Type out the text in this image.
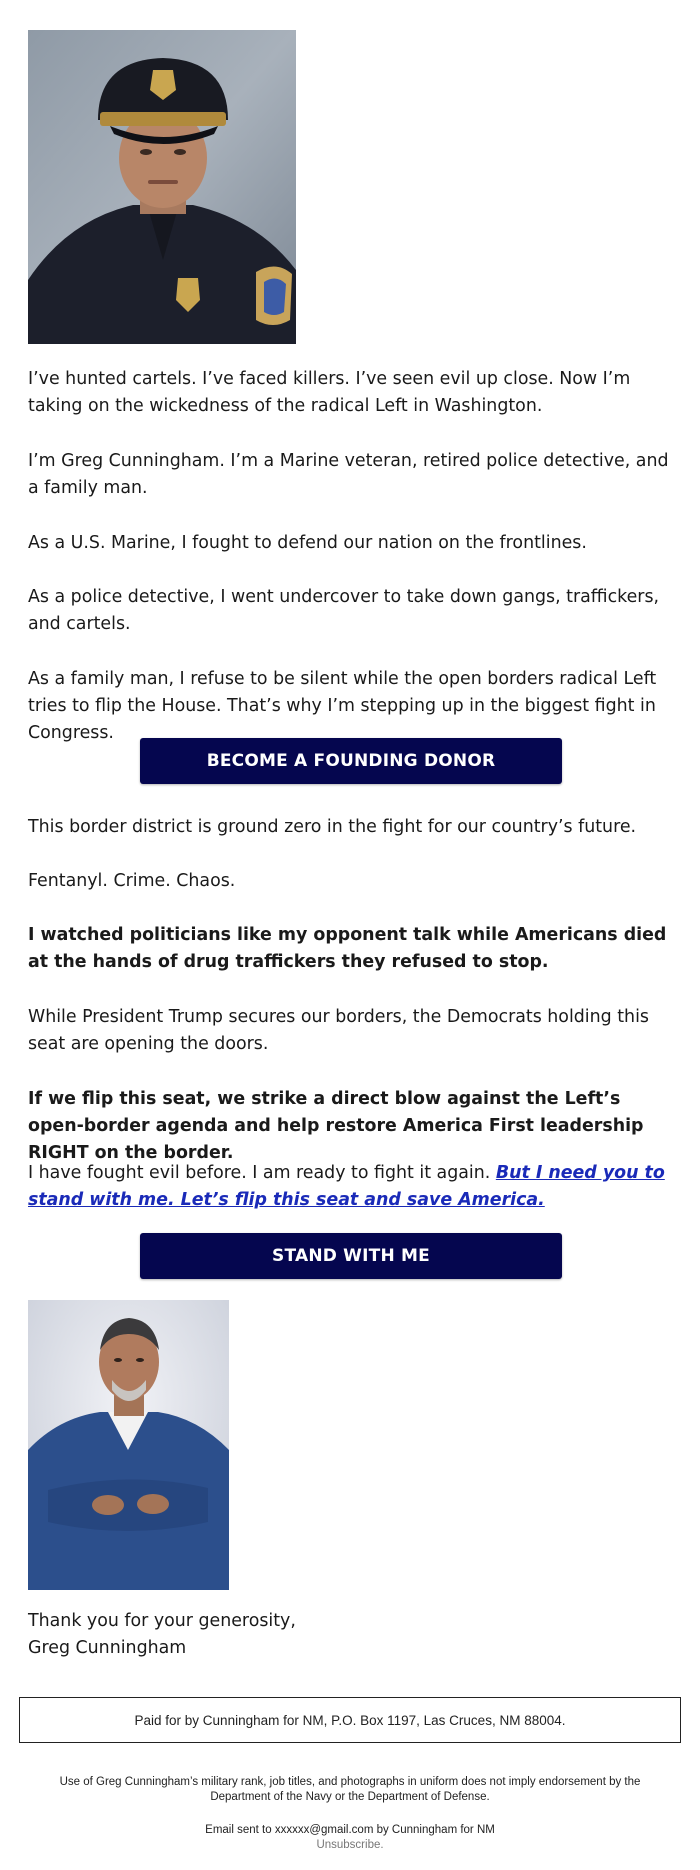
I’ve hunted cartels. I’ve faced killers. I’ve seen evil up close. Now I’m taking on the wickedness of the radical Left in Washington.

I’m Greg Cunningham. I’m a Marine veteran, retired police detective, and a family man.

As a U.S. Marine, I fought to defend our nation on the frontlines.

As a police detective, I went undercover to take down gangs, traffickers, and cartels.

As a family man, I refuse to be silent while the open borders radical Left tries to flip the House. That’s why I’m stepping up in the biggest fight in Congress.

BECOME A FOUNDING DONOR

This border district is ground zero in the fight for our country’s future.

Fentanyl. Crime. Chaos.

I watched politicians like my opponent talk while Americans died at the hands of drug traffickers they refused to stop.

While President Trump secures our borders, the Democrats holding this seat are opening the doors.

If we flip this seat, we strike a direct blow against the Left’s open-border agenda and help restore America First leadership RIGHT on the border.

I have fought evil before. I am ready to fight it again. But I need you to stand with me. Let’s flip this seat and save America.

STAND WITH ME

Thank you for your generosity,

Greg Cunningham

Paid for by Cunningham for NM, P.O. Box 1197, Las Cruces, NM 88004.
Use of Greg Cunningham’s military rank, job titles, and photographs in uniform does not imply endorsement by the Department of the Navy or the Department of Defense.
Email sent to xxxxxx@gmail.com by Cunningham for NM
Unsubscribe.
